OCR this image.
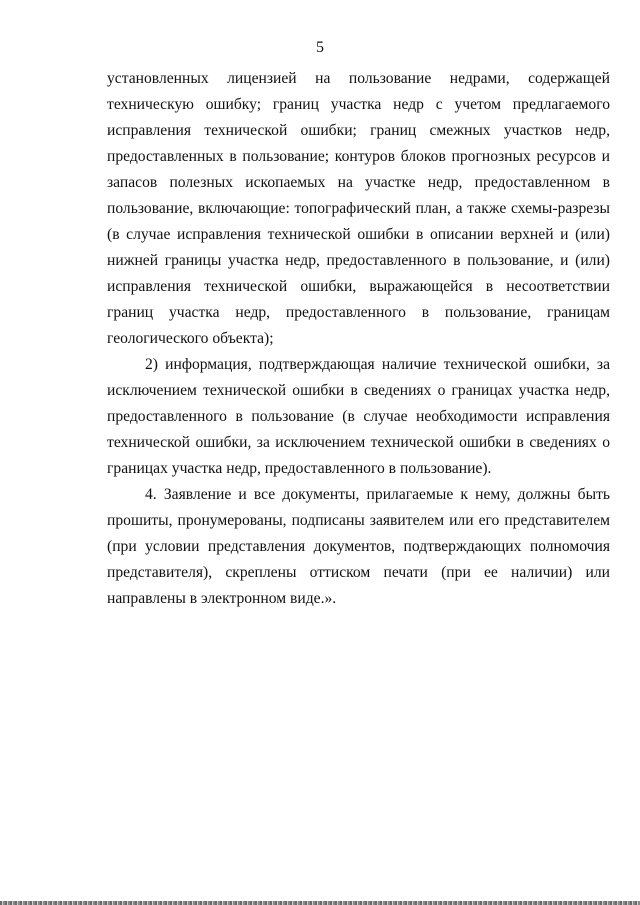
5

установленных лицензией на пользование недрами, содержащей техническую ошибку; границ участка недр с учетом предлагаемого исправления технической ошибки; границ смежных участков недр, предоставленных в пользование; контуров блоков прогнозных ресурсов и запасов полезных ископаемых на участке недр, предоставленном в пользование, включающие: топографический план, а также схемы-разрезы (в случае исправления технической ошибки в описании верхней и (или) нижней границы участка недр, предоставленного в пользование, и (или) исправления технической ошибки, выражающейся в несоответствии границ участка недр, предоставленного в пользование, границам геологического объекта);

2) информация, подтверждающая наличие технической ошибки, за исключением технической ошибки в сведениях о границах участка недр, предоставленного в пользование (в случае необходимости исправления технической ошибки, за исключением технической ошибки в сведениях о границах участка недр, предоставленного в пользование).

4. Заявление и все документы, прилагаемые к нему, должны быть прошиты, пронумерованы, подписаны заявителем или его представителем (при условии представления документов, подтверждающих полномочия представителя), скреплены оттиском печати (при ее наличии) или направлены в электронном виде.».
